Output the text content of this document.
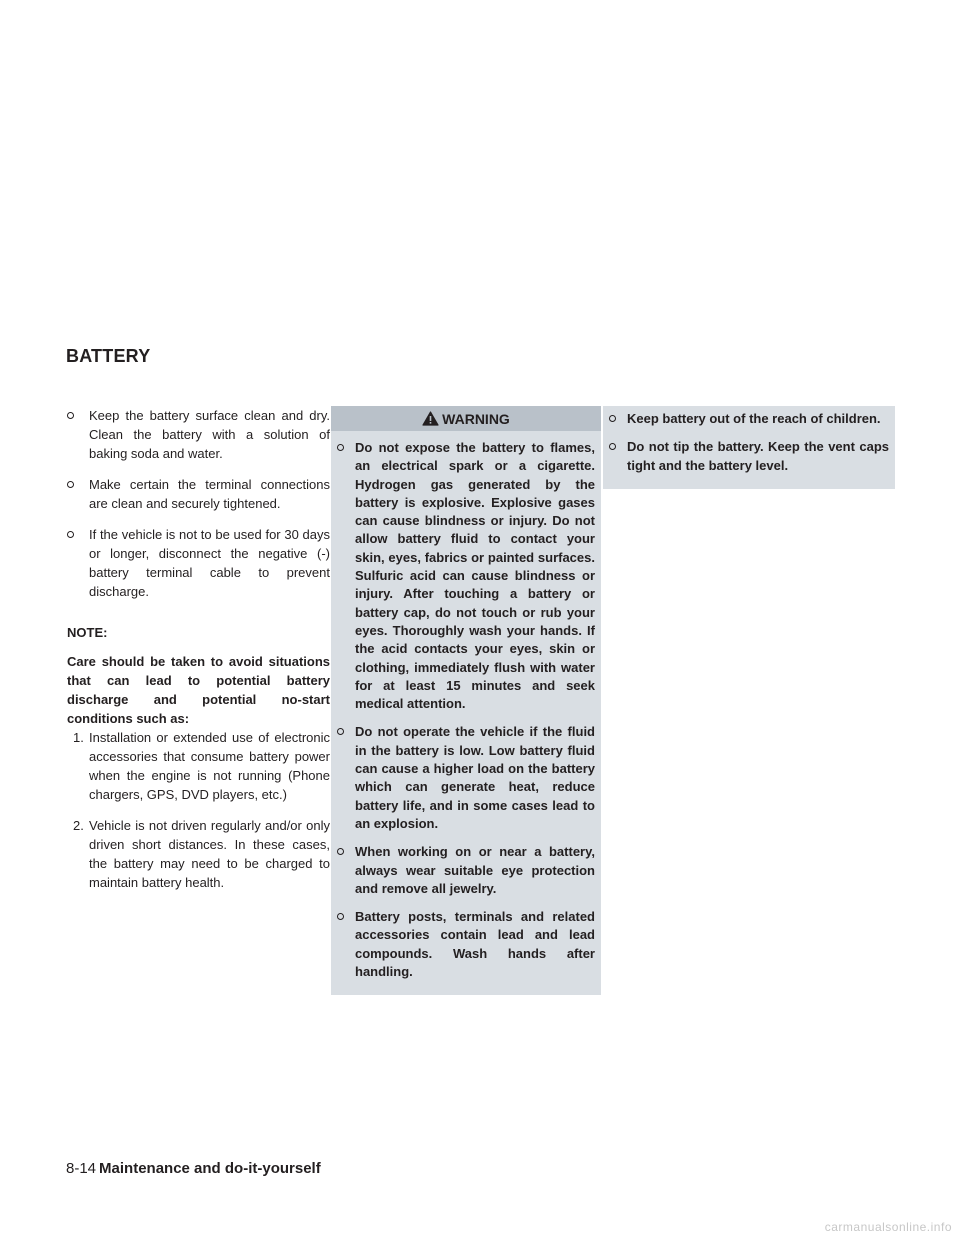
BATTERY
Keep the battery surface clean and dry. Clean the battery with a solution of baking soda and water.
Make certain the terminal connections are clean and securely tightened.
If the vehicle is not to be used for 30 days or longer, disconnect the negative (-) battery terminal cable to prevent discharge.

NOTE:

Care should be taken to avoid situations that can lead to potential battery discharge and potential no-start conditions such as:

1. Installation or extended use of electronic accessories that consume battery power when the engine is not running (Phone chargers, GPS, DVD players, etc.)
2. Vehicle is not driven regularly and/or only driven short distances. In these cases, the battery may need to be charged to maintain battery health.
WARNING
Do not expose the battery to flames, an electrical spark or a cigarette. Hydrogen gas generated by the battery is explosive. Explosive gases can cause blindness or injury. Do not allow battery fluid to contact your skin, eyes, fabrics or painted surfaces. Sulfuric acid can cause blindness or injury. After touching a battery or battery cap, do not touch or rub your eyes. Thoroughly wash your hands. If the acid contacts your eyes, skin or clothing, immediately flush with water for at least 15 minutes and seek medical attention.
Do not operate the vehicle if the fluid in the battery is low. Low battery fluid can cause a higher load on the battery which can generate heat, reduce battery life, and in some cases lead to an explosion.
When working on or near a battery, always wear suitable eye protection and remove all jewelry.
Battery posts, terminals and related accessories contain lead and lead compounds. Wash hands after handling.
Keep battery out of the reach of children.
Do not tip the battery. Keep the vent caps tight and the battery level.
8-14 Maintenance and do-it-yourself
carmanualsonline.info
